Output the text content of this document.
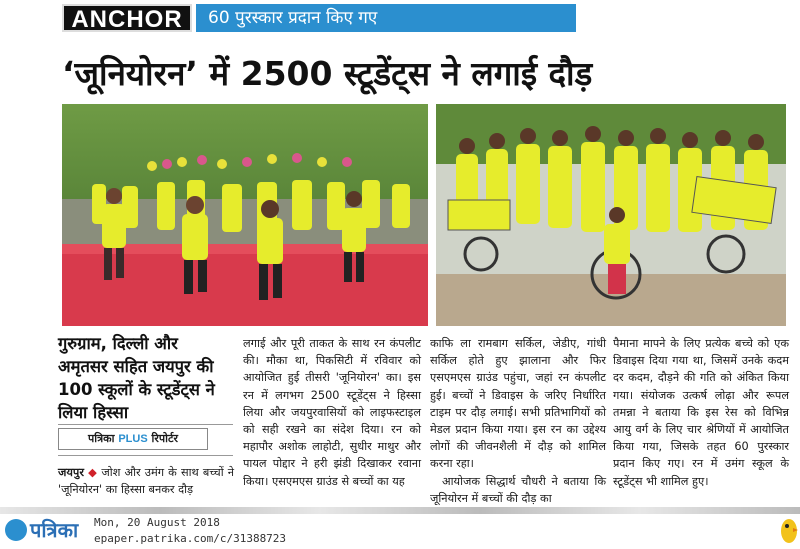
ANCHOR	60 पुरस्कार प्रदान किए गए
‘जूनियोरन’ में 2500 स्टूडेंट्स ने लगाई दौड़
गुरुग्राम, दिल्ली और अमृतसर सहित जयपुर की 100 स्कूलों के स्टूडेंट्स ने लिया हिस्सा
पत्रिका PLUS रिपोर्टर
जयपुर ◆ जोश और उमंग के साथ बच्चों ने 'जूनियोरन' का हिस्सा बनकर दौड़

लगाई और पूरी ताकत के साथ रन कंपलीट की। मौका था, पिकसिटी में रविवार को आयोजित हुई तीसरी 'जूनियोरन' का। इस रन में लगभग 2500 स्टूडेंट्स ने हिस्सा लिया और जयपुरवासियों को लाइफस्टाइल को सही रखने का संदेश दिया। रन को महापौर अशोक लाहोटी, सुधीर माथुर और पायल पोद्दार ने हरी झंडी दिखाकर रवाना किया। एसएमएस ग्राउंड से बच्चों का यह

काफि ला रामबाग सर्किल, जेडीए, गांधी सर्किल होते हुए झालाना और फिर एसएमएस ग्राउंड पहुंचा, जहां रन कंपलीट हुई। बच्चों ने डिवाइस के जरिए निर्धारित टाइम पर दौड़ लगाई। सभी प्रतिभागियों को मेडल प्रदान किया गया। इस रन का उद्देश्य लोगों की जीवनशैली में दौड़ को शामिल करना रहा।

आयोजक सिद्धार्थ चौधरी ने बताया कि जूनियोरन में बच्चों की दौड़ का

पैमाना मापने के लिए प्रत्येक बच्चे को एक डिवाइस दिया गया था, जिसमें उनके कदम दर कदम, दौड़ने की गति को अंकित किया गया। संयोजक उत्कर्ष लोढ़ा और रूपल तमन्ना ने बताया कि इस रेस को विभिन्न आयु वर्ग के लिए चार श्रेणियों में आयोजित किया गया, जिसके तहत 60 पुरस्कार प्रदान किए गए। रन में उमंग स्कूल के स्टूडेंट्स भी शामिल हुए।

पत्रिका Mon, 20 August 2018
epaper.patrika.com/c/31388723
